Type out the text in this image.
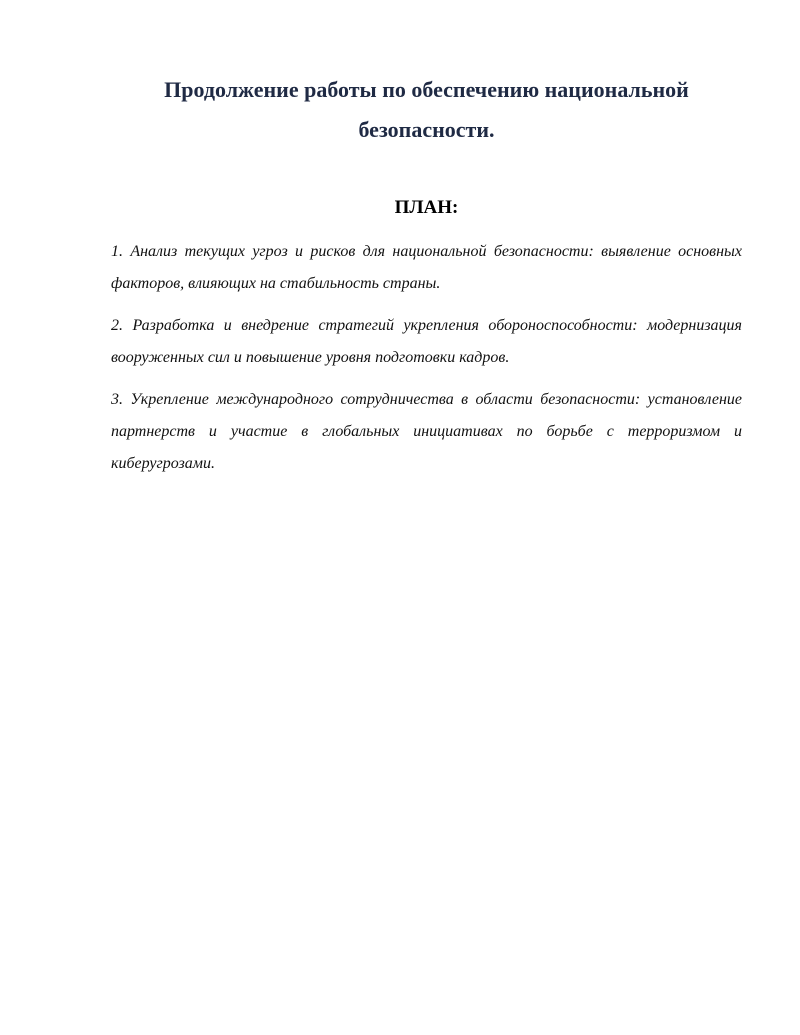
Продолжение работы по обеспечению национальной безопасности.
ПЛАН:
1. Анализ текущих угроз и рисков для национальной безопасности: выявление основных факторов, влияющих на стабильность страны.
2. Разработка и внедрение стратегий укрепления обороноспособности: модернизация вооруженных сил и повышение уровня подготовки кадров.
3. Укрепление международного сотрудничества в области безопасности: установление партнерств и участие в глобальных инициативах по борьбе с терроризмом и киберугрозами.
